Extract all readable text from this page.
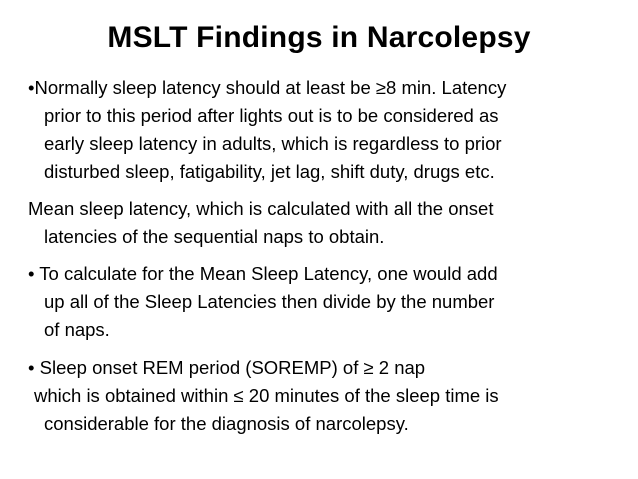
MSLT Findings in Narcolepsy
•Normally sleep latency should at least be ≥8 min. Latency
prior to this period after lights out is to be considered as
early sleep latency in adults, which is regardless to prior
disturbed sleep, fatigability, jet lag, shift duty, drugs etc.
Mean sleep latency, which is calculated with all the onset
latencies of the sequential naps to obtain.
• To calculate for the Mean Sleep Latency, one would add
up all of the Sleep Latencies then divide by the number
of naps.
• Sleep onset REM period (SOREMP) of ≥ 2 nap
which is obtained within ≤ 20 minutes of the sleep time is
considerable for the diagnosis of narcolepsy.
